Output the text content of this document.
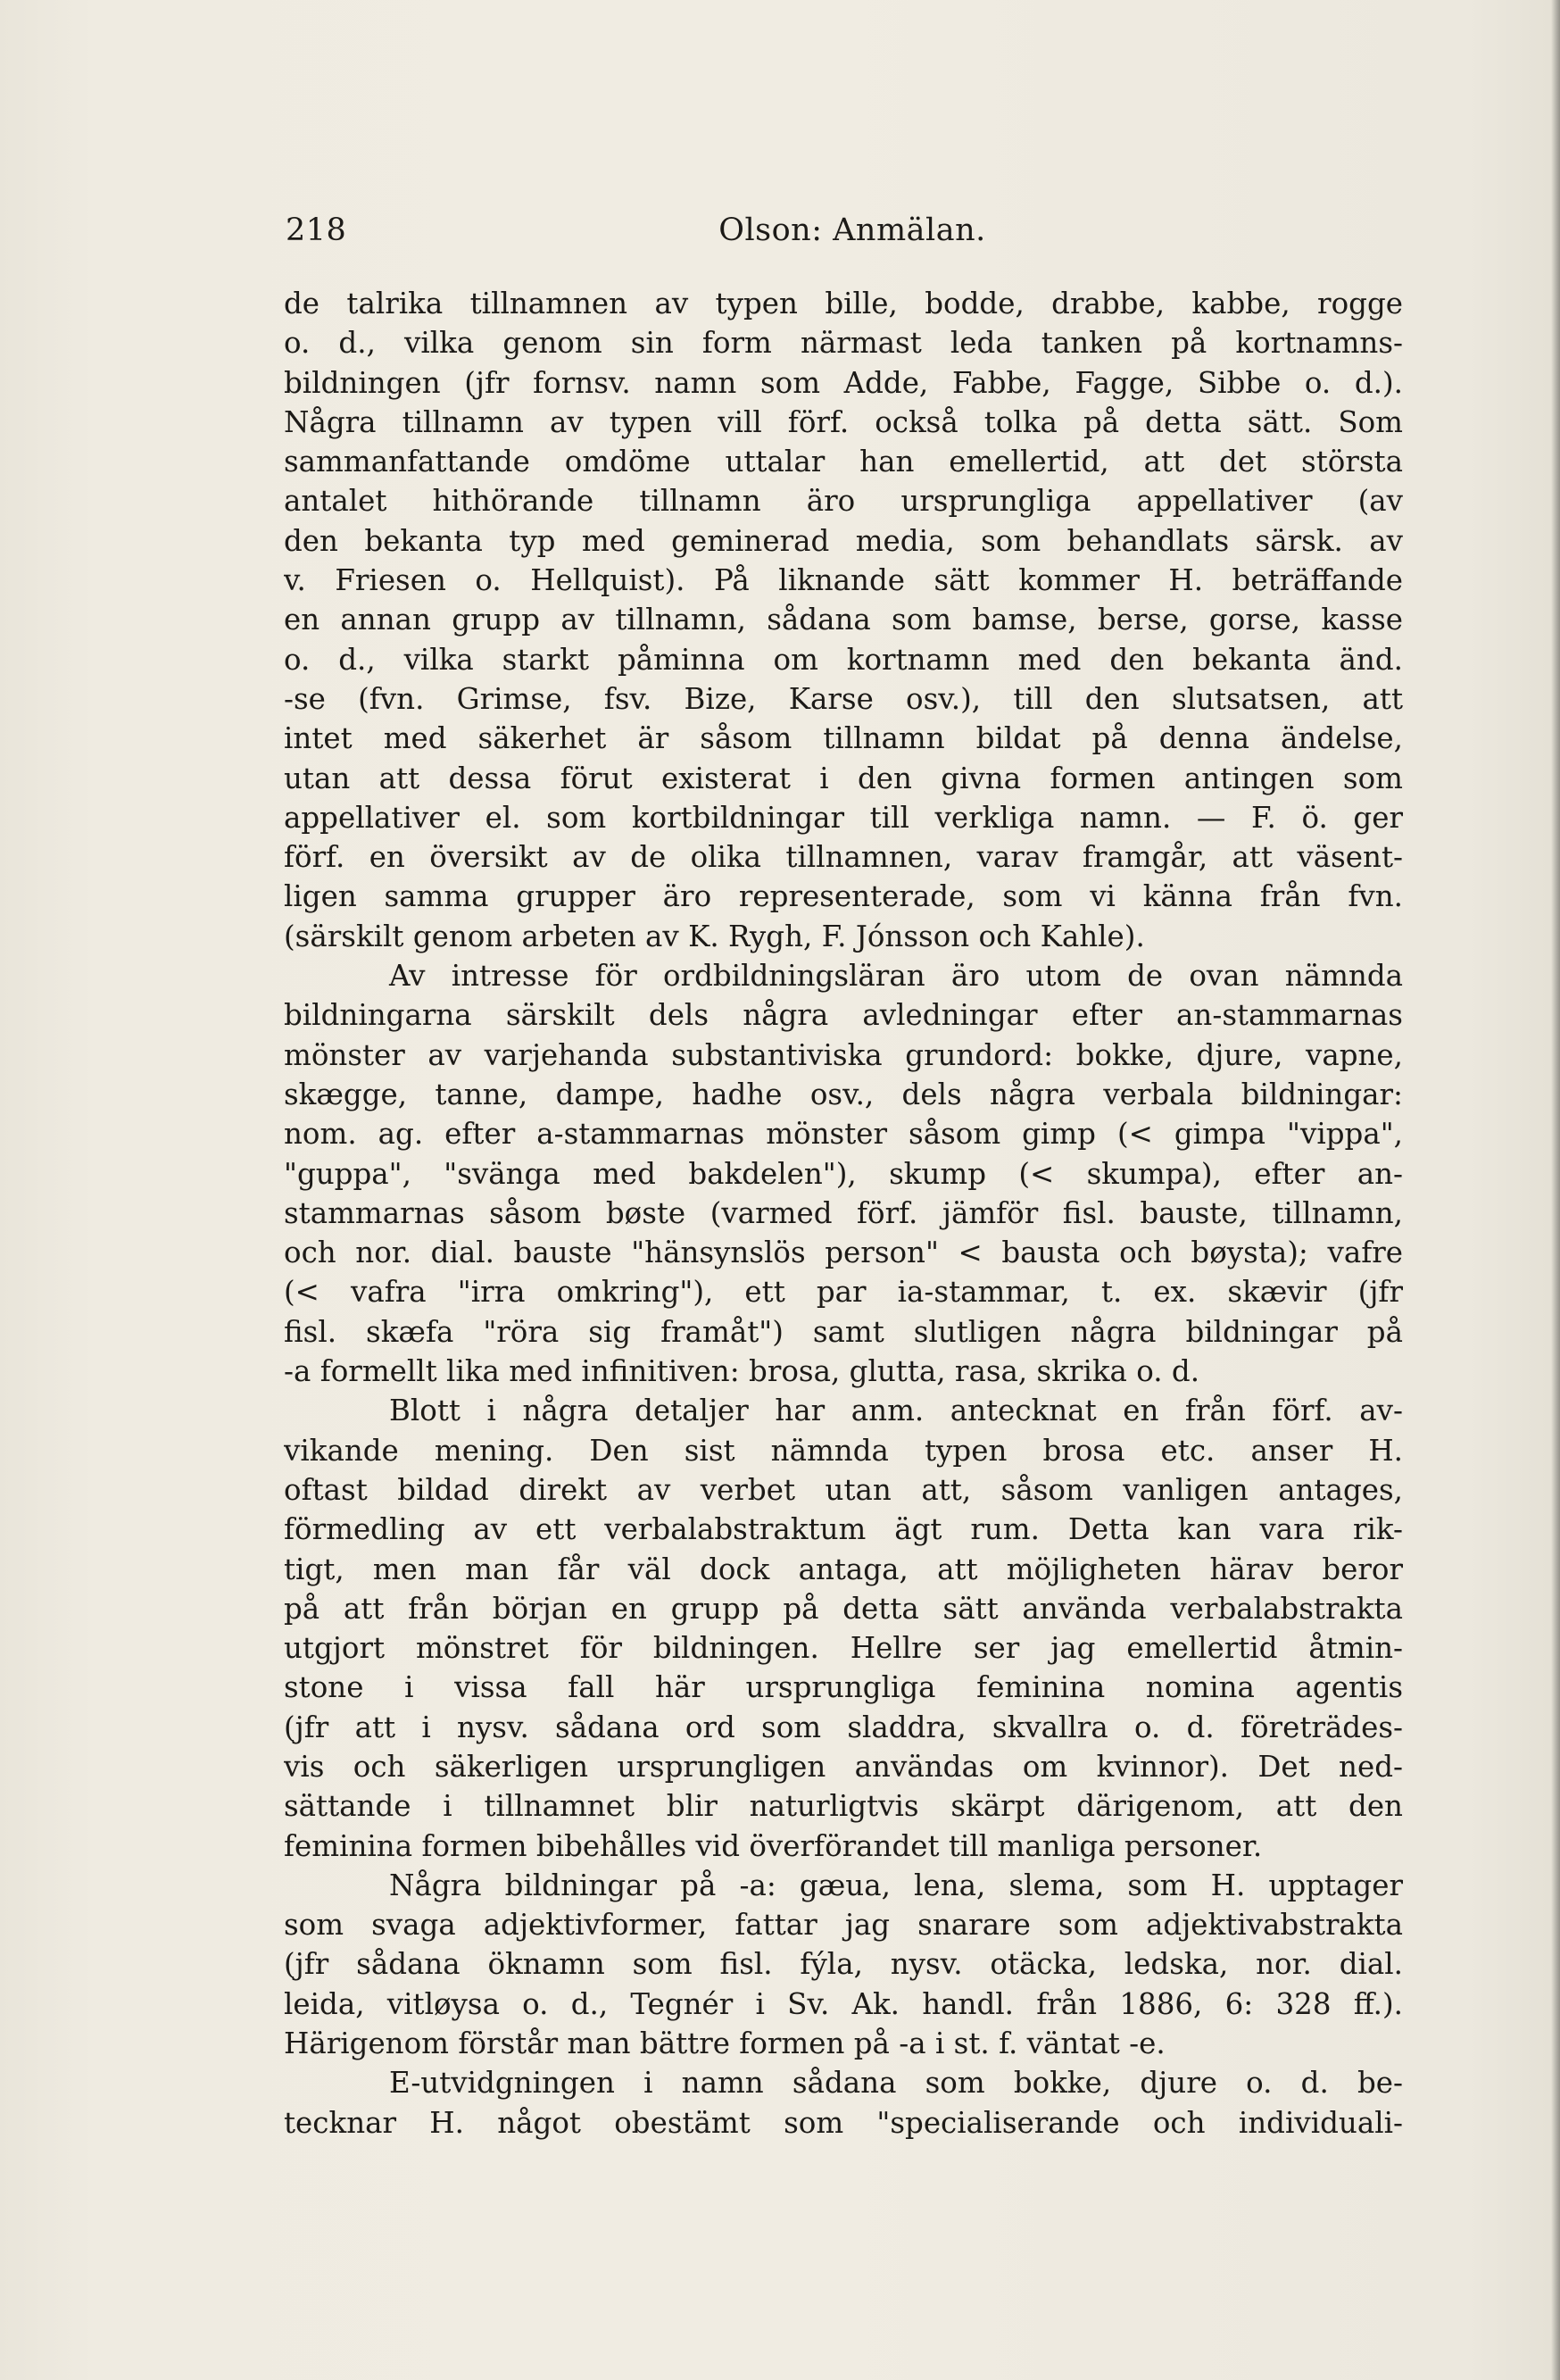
218	Olson: Anmälan.
de talrika tillnamnen av typen bille, bodde, drabbe, kabbe, rogge
o. d., vilka genom sin form närmast leda tanken på kortnamns-
bildningen (jfr fornsv. namn som Adde, Fabbe, Fagge, Sibbe o. d.).
Några tillnamn av typen vill förf. också tolka på detta sätt. Som
sammanfattande omdöme uttalar han emellertid, att det största
antalet hithörande tillnamn äro ursprungliga appellativer (av
den bekanta typ med geminerad media, som behandlats särsk. av
v. Friesen o. Hellquist). På liknande sätt kommer H. beträffande
en annan grupp av tillnamn, sådana som bamse, berse, gorse, kasse
o. d., vilka starkt påminna om kortnamn med den bekanta änd.
-se (fvn. Grimse, fsv. Bize, Karse osv.), till den slutsatsen, att
intet med säkerhet är såsom tillnamn bildat på denna ändelse,
utan att dessa förut existerat i den givna formen antingen som
appellativer el. som kortbildningar till verkliga namn. — F. ö. ger
förf. en översikt av de olika tillnamnen, varav framgår, att väsent-
ligen samma grupper äro representerade, som vi känna från fvn.
(särskilt genom arbeten av K. Rygh, F. Jónsson och Kahle).
Av intresse för ordbildningsläran äro utom de ovan nämnda
bildningarna särskilt dels några avledningar efter an-stammarnas
mönster av varjehanda substantiviska grundord: bokke, djure, vapne,
skægge, tanne, dampe, hadhe osv., dels några verbala bildningar:
nom. ag. efter a-stammarnas mönster såsom gimp (< gimpa "vippa",
"guppa", "svänga med bakdelen"), skump (< skumpa), efter an-
stammarnas såsom bøste (varmed förf. jämför fisl. bauste, tillnamn,
och nor. dial. bauste "hänsynslös person" < bausta och bøysta); vafre
(< vafra "irra omkring"), ett par ia-stammar, t. ex. skævir (jfr
fisl. skæfa "röra sig framåt") samt slutligen några bildningar på
-a formellt lika med infinitiven: brosa, glutta, rasa, skrika o. d.
Blott i några detaljer har anm. antecknat en från förf. av-
vikande mening. Den sist nämnda typen brosa etc. anser H.
oftast bildad direkt av verbet utan att, såsom vanligen antages,
förmedling av ett verbalabstraktum ägt rum. Detta kan vara rik-
tigt, men man får väl dock antaga, att möjligheten härav beror
på att från början en grupp på detta sätt använda verbalabstrakta
utgjort mönstret för bildningen. Hellre ser jag emellertid åtmin-
stone i vissa fall här ursprungliga feminina nomina agentis
(jfr att i nysv. sådana ord som sladdra, skvallra o. d. företrädes-
vis och säkerligen ursprungligen användas om kvinnor). Det ned-
sättande i tillnamnet blir naturligtvis skärpt därigenom, att den
feminina formen bibehålles vid överförandet till manliga personer.
Några bildningar på -a: gæua, lena, slema, som H. upptager
som svaga adjektivformer, fattar jag snarare som adjektivabstrakta
(jfr sådana öknamn som fisl. fýla, nysv. otäcka, ledska, nor. dial.
leida, vitløysa o. d., Tegnér i Sv. Ak. handl. från 1886, 6: 328 ff.).
Härigenom förstår man bättre formen på -a i st. f. väntat -e.
E-utvidgningen i namn sådana som bokke, djure o. d. be-
tecknar H. något obestämt som "specialiserande och individuali-
